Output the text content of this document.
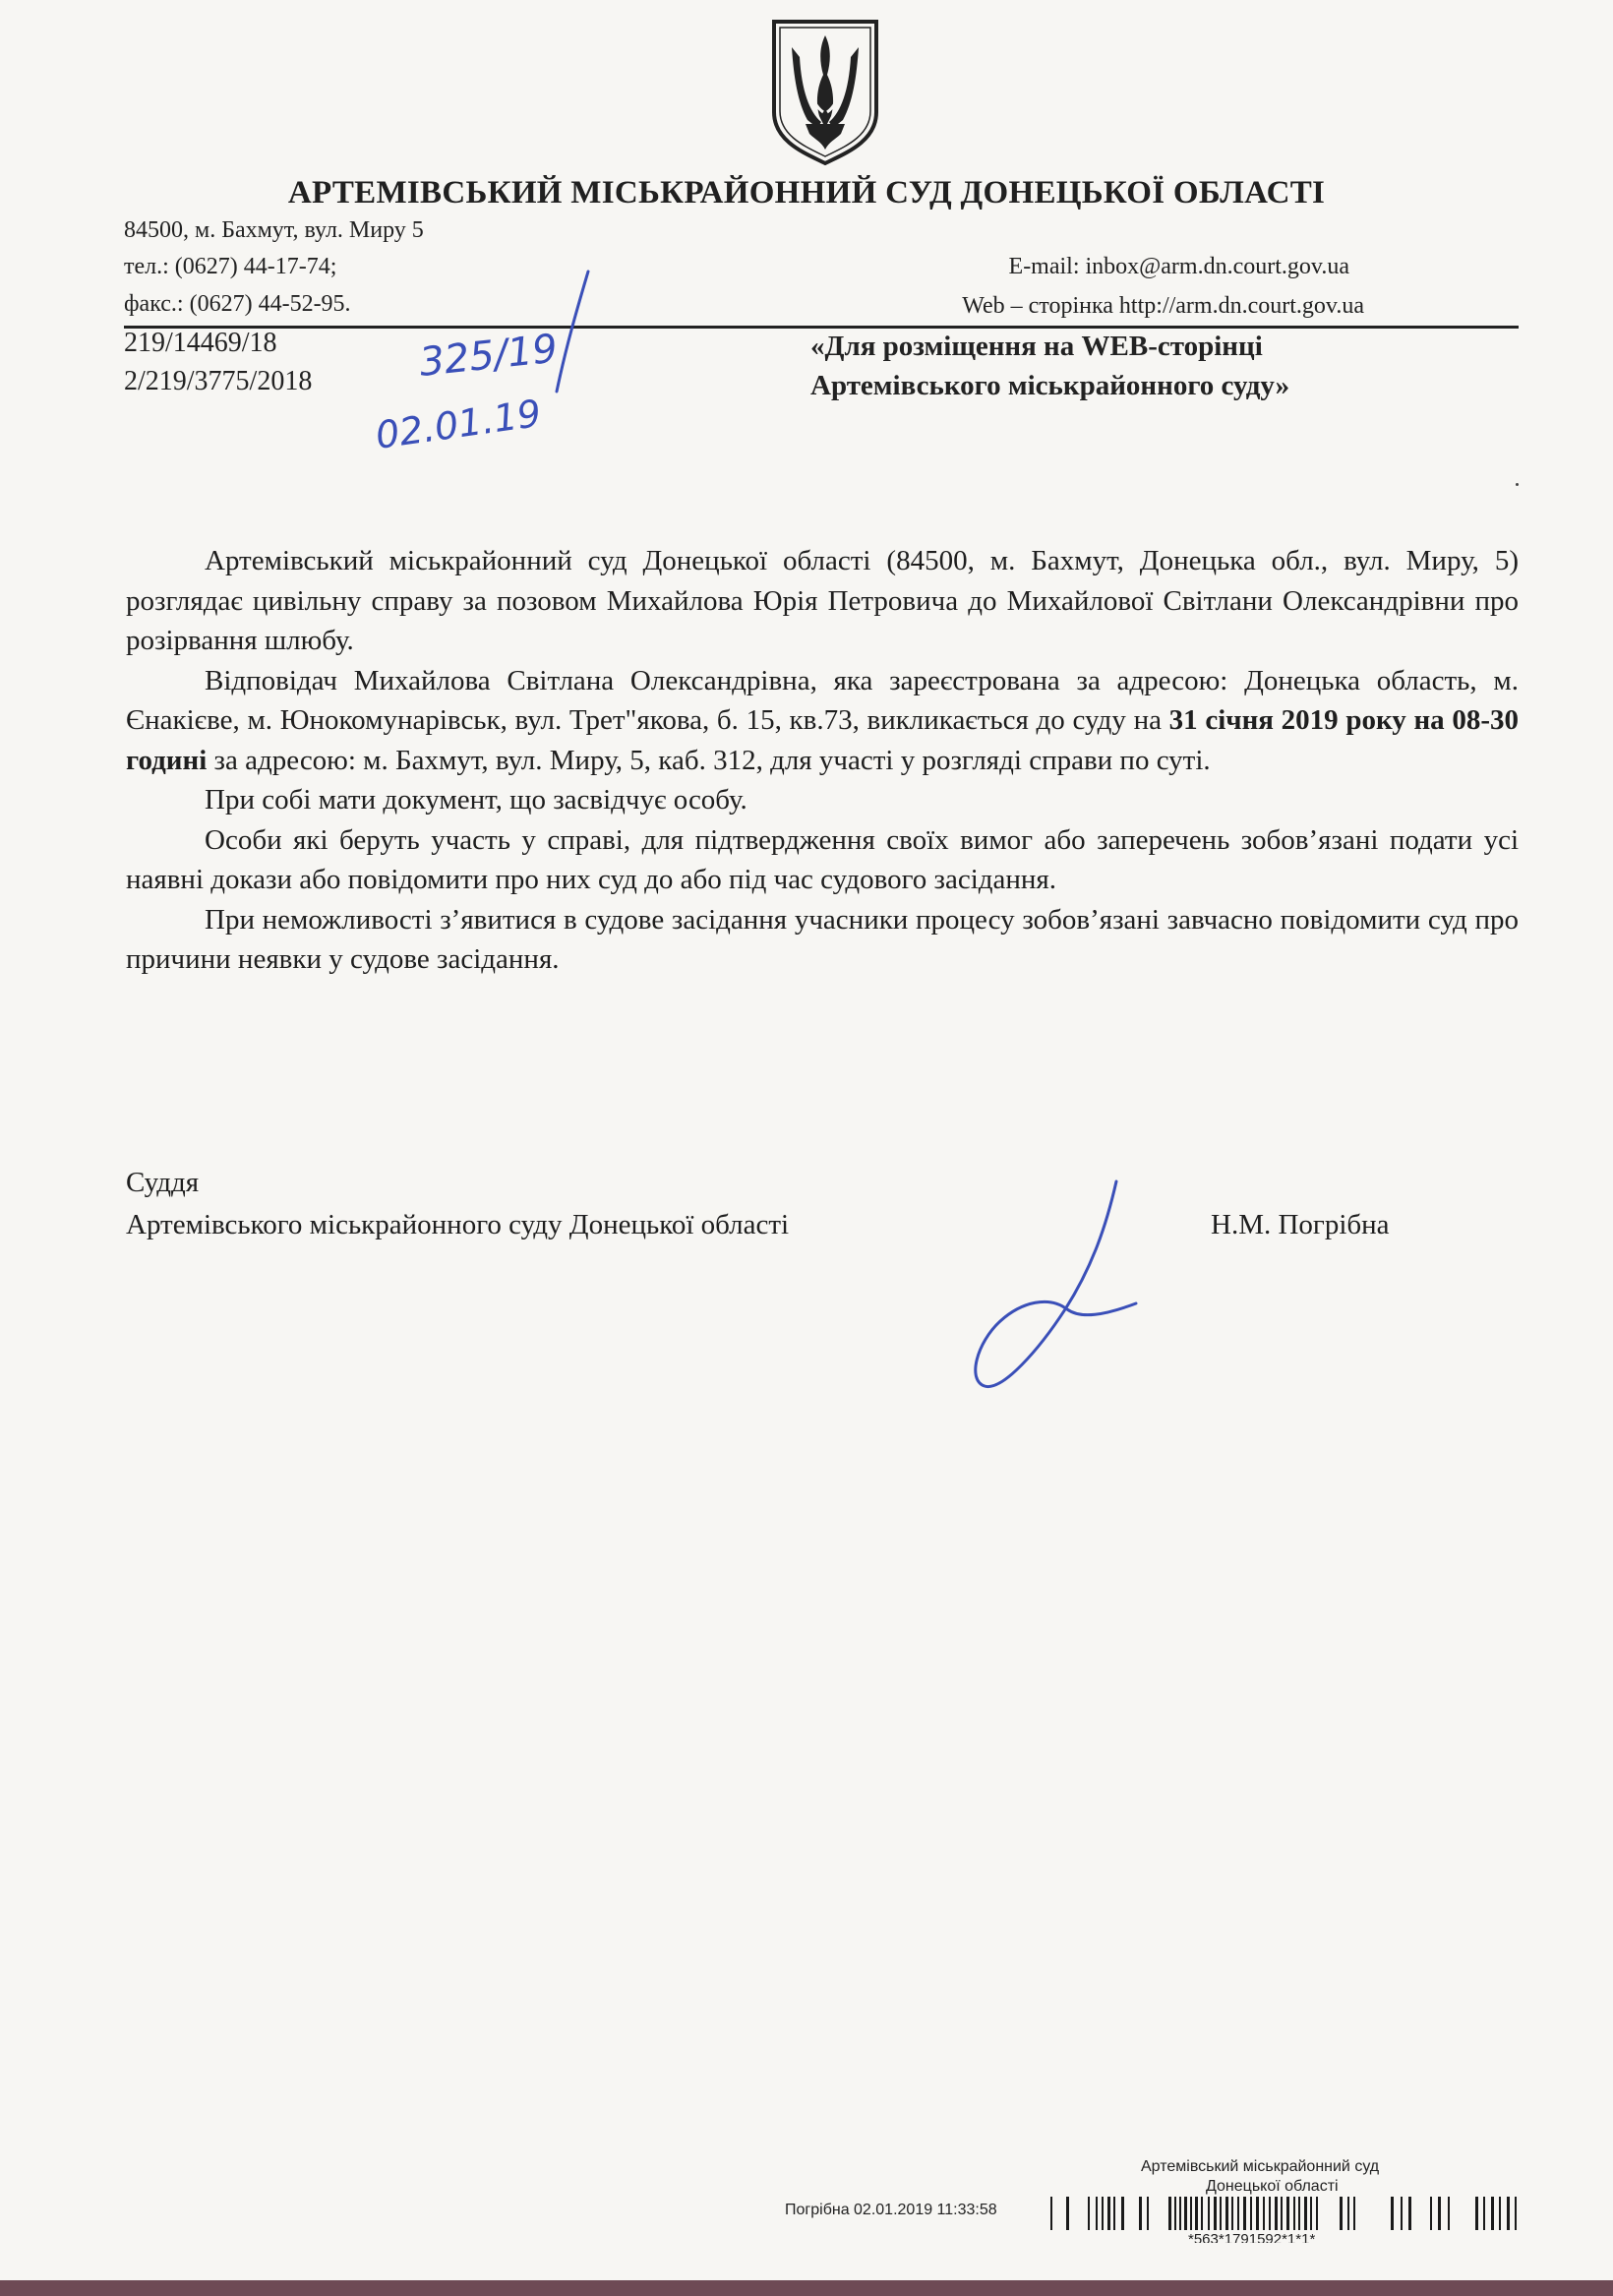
АРТЕМІВСЬКИЙ МІСЬКРАЙОННИЙ СУД ДОНЕЦЬКОЇ ОБЛАСТІ
84500, м. Бахмут, вул. Миру 5
тел.: (0627) 44-17-74;
факс.: (0627) 44-52-95.
E-mail: inbox@arm.dn.court.gov.ua
Web – сторінка http://arm.dn.court.gov.ua
219/14469/18
2/219/3775/2018
«Для розміщення на WEB-сторінці
Артемівського міськрайонного суду»
325/19
02.01.19

Артемівський міськрайонний суд Донецької області (84500, м. Бахмут, Донецька обл., вул. Миру, 5) розглядає цивільну справу за позовом Михайлова Юрія Петровича до Михайлової Світлани Олександрівни про розірвання шлюбу.

Відповідач Михайлова Світлана Олександрівна, яка зареєстрована за адресою: Донецька область, м. Єнакієве, м. Юнокомунарівськ, вул. Трет"якова, б. 15, кв.73, викликається до суду на 31 січня 2019 року на 08-30 годині за адресою: м. Бахмут, вул. Миру, 5, каб. 312, для участі у розгляді справи по суті.

При собі мати документ, що засвідчує особу.

Особи які беруть участь у справі, для підтвердження своїх вимог або заперечень зобов’язані подати усі наявні докази або повідомити про них суд до або під час судового засідання.

При неможливості з’явитися в судове засідання учасники процесу зобов’язані завчасно повідомити суд про причини неявки у судове засідання.

Суддя
Артемівського міськрайонного суду Донецької області	Н.М. Погрібна
Артемівський міськрайонний суд
Донецької області
Погрібна 02.01.2019 11:33:58
*563*1791592*1*1*
